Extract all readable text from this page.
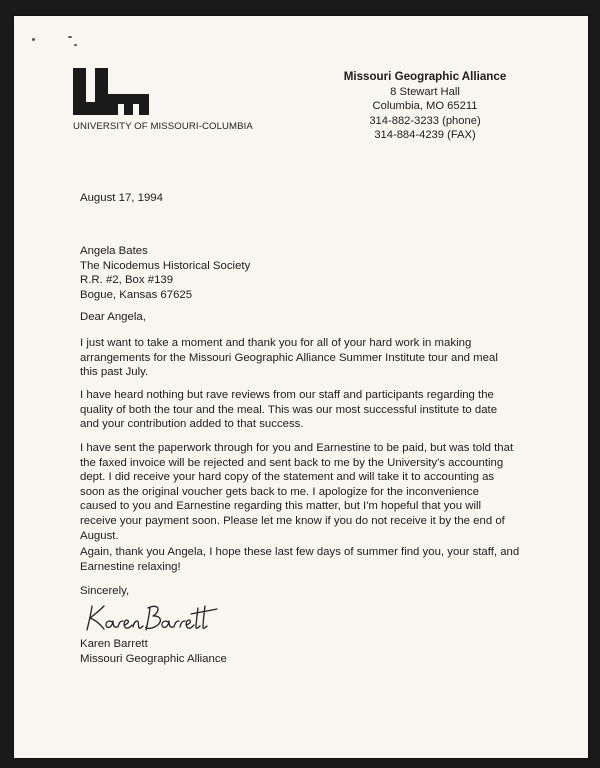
UNIVERSITY OF MISSOURI-COLUMBIA
Missouri Geographic Alliance
8 Stewart Hall
Columbia, MO 65211
314-882-3233 (phone)
314-884-4239 (FAX)
August 17, 1994
Angela Bates
The Nicodemus Historical Society
R.R. #2, Box #139
Bogue, Kansas 67625
Dear Angela,
I just want to take a moment and thank you for all of your hard work in making
arrangements for the Missouri Geographic Alliance Summer Institute tour and meal
this past July.
I have heard nothing but rave reviews from our staff and participants regarding the
quality of both the tour and the meal. This was our most successful institute to date
and your contribution added to that success.
I have sent the paperwork through for you and Earnestine to be paid, but was told that
the faxed invoice will be rejected and sent back to me by the University's accounting
dept. I did receive your hard copy of the statement and will take it to accounting as
soon as the original voucher gets back to me. I apologize for the inconvenience
caused to you and Earnestine regarding this matter, but I'm hopeful that you will
receive your payment soon. Please let me know if you do not receive it by the end of
August.
Again, thank you Angela, I hope these last few days of summer find you, your staff, and
Earnestine relaxing!
Sincerely,
Karen Barrett
Missouri Geographic Alliance
